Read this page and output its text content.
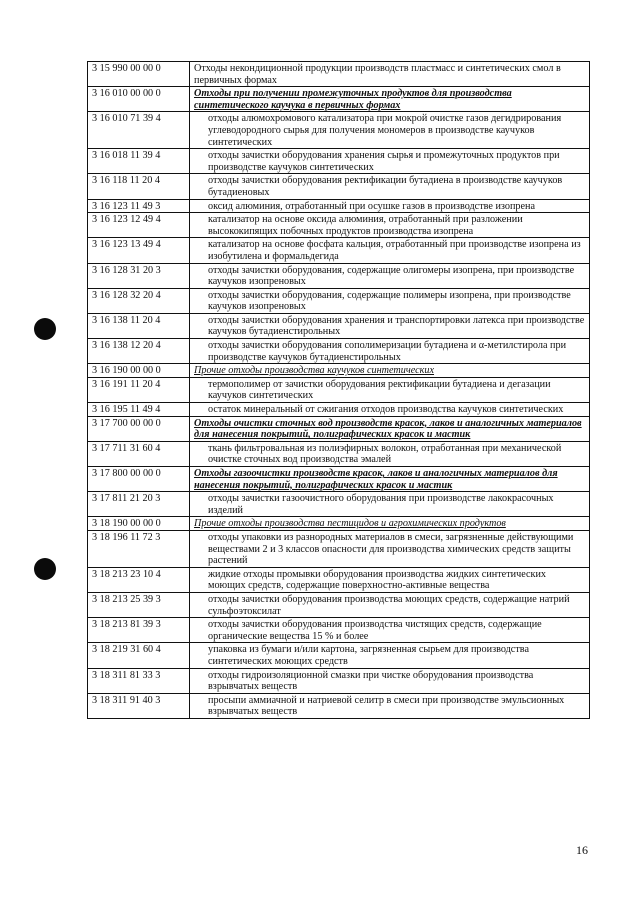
3 15 990 00 00 0	Отходы некондиционной продукции производств пластмасс и синтетических смол в первичных формах
3 16 010 00 00 0	Отходы при получении промежуточных продуктов для производства синтетического каучука в первичных формах
3 16 010 71 39 4	отходы алюмохромового катализатора при мокрой очистке газов дегидрирования углеводородного сырья для получения мономеров в производстве каучуков синтетических
3 16 018 11 39 4	отходы зачистки оборудования хранения сырья и промежуточных продуктов при производстве каучуков синтетических
3 16 118 11 20 4	отходы зачистки оборудования ректификации бутадиена в производстве каучуков бутадиеновых
3 16 123 11 49 3	оксид алюминия, отработанный при осушке газов в производстве изопрена
3 16 123 12 49 4	катализатор на основе оксида алюминия, отработанный при разложении высококипящих побочных продуктов производства изопрена
3 16 123 13 49 4	катализатор на основе фосфата кальция, отработанный при производстве изопрена из изобутилена и формальдегида
3 16 128 31 20 3	отходы зачистки оборудования, содержащие олигомеры изопрена, при производстве каучуков изопреновых
3 16 128 32 20 4	отходы зачистки оборудования, содержащие полимеры изопрена, при производстве каучуков изопреновых
3 16 138 11 20 4	отходы зачистки оборудования хранения и транспортировки латекса при производстве каучуков бутадиенстирольных
3 16 138 12 20 4	отходы зачистки оборудования сополимеризации бутадиена и α-метилстирола при производстве каучуков бутадиенстирольных
3 16 190 00 00 0	Прочие отходы производства каучуков синтетических
3 16 191 11 20 4	термополимер от зачистки оборудования ректификации бутадиена и дегазации каучуков синтетических
3 16 195 11 49 4	остаток минеральный от сжигания отходов производства каучуков синтетических
3 17 700 00 00 0	Отходы очистки сточных вод производств красок, лаков и аналогичных материалов для нанесения покрытий, полиграфических красок и мастик
3 17 711 31 60 4	ткань фильтровальная из полиэфирных волокон, отработанная при механической очистке сточных вод производства эмалей
3 17 800 00 00 0	Отходы газоочистки производств красок, лаков и аналогичных материалов для нанесения покрытий, полиграфических красок и мастик
3 17 811 21 20 3	отходы зачистки газоочистного оборудования при производстве лакокрасочных изделий
3 18 190 00 00 0	Прочие отходы производства пестицидов и агрохимических продуктов
3 18 196 11 72 3	отходы упаковки из разнородных материалов в смеси, загрязненные действующими веществами 2 и 3 классов опасности для производства химических средств защиты растений
3 18 213 23 10 4	жидкие отходы промывки оборудования производства жидких синтетических моющих средств, содержащие поверхностно-активные вещества
3 18 213 25 39 3	отходы зачистки оборудования производства моющих средств, содержащие натрий сульфоэтоксилат
3 18 213 81 39 3	отходы зачистки оборудования производства чистящих средств, содержащие органические вещества 15 % и более
3 18 219 31 60 4	упаковка из бумаги и/или картона, загрязненная сырьем для производства синтетических моющих средств
3 18 311 81 33 3	отходы гидроизоляционной смазки при чистке оборудования производства взрывчатых веществ
3 18 311 91 40 3	просыпи аммиачной и натриевой селитр в смеси при производстве эмульсионных взрывчатых веществ
16
